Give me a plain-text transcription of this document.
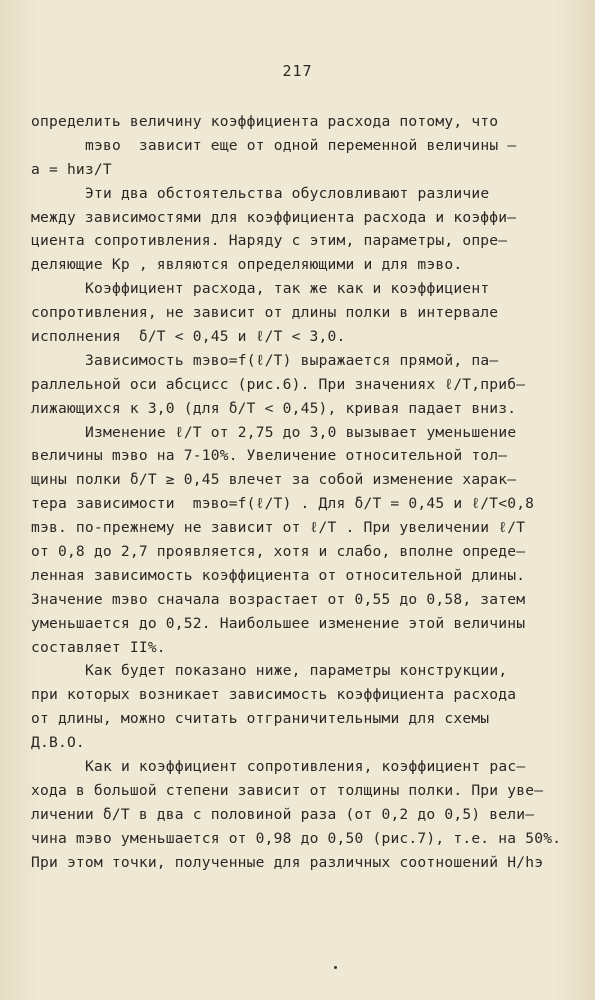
217
определить величину коэффициента расхода потому, что
mэво  зависит еще от одной переменной величины –
a = hиз/T
Эти два обстоятельства обусловливают различие
между зависимостями для коэффициента расхода и коэффи–
циента сопротивления. Наряду с этим, параметры, опре–
деляющие Kр , являются определяющими и для mэво.
Коэффициент расхода, так же как и коэффициент
сопротивления, не зависит от длины полки в интервале
исполнения  δ/T < 0,45 и ℓ/T < 3,0.
Зависимость mэво=f(ℓ/T) выражается прямой, па–
раллельной оси абсцисс (рис.6). При значениях ℓ/T,приб–
лижающихся к 3,0 (для δ/T < 0,45), кривая падает вниз.
Изменение ℓ/T от 2,75 до 3,0 вызывает уменьшение
величины mэво на 7-10%. Увеличение относительной тол–
щины полки δ/T ≥ 0,45 влечет за собой изменение харак–
тера зависимости  mэво=f(ℓ/T) . Для δ/T = 0,45 и ℓ/T<0,8
mэв. по-прежнему не зависит от ℓ/T . При увеличении ℓ/T
от 0,8 до 2,7 проявляется, хотя и слабо, вполне опреде–
ленная зависимость коэффициента от относительной длины.
Значение mэво сначала возрастает от 0,55 до 0,58, затем
уменьшается до 0,52. Наибольшее изменение этой величины
составляет II%.
Как будет показано ниже, параметры конструкции,
при которых возникает зависимость коэффициента расхода
от длины, можно считать отграничительными для схемы
Д.В.О.
Как и коэффициент сопротивления, коэффициент рас–
хода в большой степени зависит от толщины полки. При уве–
личении δ/T в два с половиной раза (от 0,2 до 0,5) вели–
чина mэво уменьшается от 0,98 до 0,50 (рис.7), т.е. на 50%.
При этом точки, полученные для различных соотношений H/hэ
